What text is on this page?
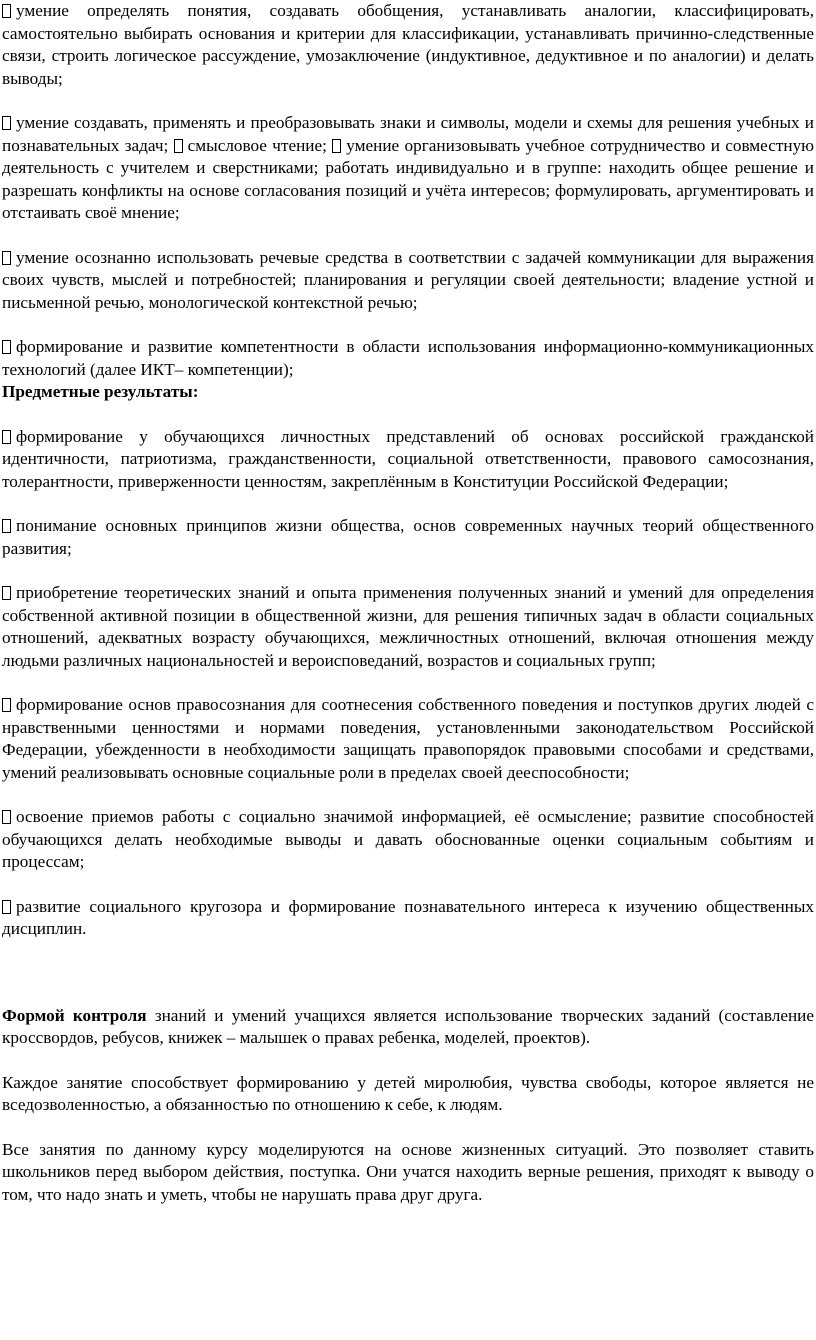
умение определять понятия, создавать обобщения, устанавливать аналогии, классифицировать, самостоятельно выбирать основания и критерии для классификации, устанавливать причинно-следственные связи, строить логическое рассуждение, умозаключение (индуктивное, дедуктивное и по аналогии) и делать выводы;

умение создавать, применять и преобразовывать знаки и символы, модели и схемы для решения учебных и познавательных задач; смысловое чтение; умение организовывать учебное сотрудничество и совместную деятельность с учителем и сверстниками; работать индивидуально и в группе: находить общее решение и разрешать конфликты на основе согласования позиций и учёта интересов; формулировать, аргументировать и отстаивать своё мнение;

умение осознанно использовать речевые средства в соответствии с задачей коммуникации для выражения своих чувств, мыслей и потребностей; планирования и регуляции своей деятельности; владение устной и письменной речью, монологической контекстной речью;

формирование и развитие компетентности в области использования информационно-коммуникационных технологий (далее ИКТ– компетенции);

Предметные результаты:

формирование у обучающихся личностных представлений об основах российской гражданской идентичности, патриотизма, гражданственности, социальной ответственности, правового самосознания, толерантности, приверженности ценностям, закреплённым в Конституции Российской Федерации;

понимание основных принципов жизни общества, основ современных научных теорий общественного развития;

приобретение теоретических знаний и опыта применения полученных знаний и умений для определения собственной активной позиции в общественной жизни, для решения типичных задач в области социальных отношений, адекватных возрасту обучающихся, межличностных отношений, включая отношения между людьми различных национальностей и вероисповеданий, возрастов и социальных групп;

формирование основ правосознания для соотнесения собственного поведения и поступков других людей с нравственными ценностями и нормами поведения, установленными законодательством Российской Федерации, убежденности в необходимости защищать правопорядок правовыми способами и средствами, умений реализовывать основные социальные роли в пределах своей дееспособности;

освоение приемов работы с социально значимой информацией, её осмысление; развитие способностей обучающихся делать необходимые выводы и давать обоснованные оценки социальным событиям и процессам;

развитие социального кругозора и формирование познавательного интереса к изучению общественных дисциплин.

Формой контроля знаний и умений учащихся является использование творческих заданий (составление кроссвордов, ребусов, книжек – малышек о правах ребенка, моделей, проектов).

Каждое занятие способствует формированию у детей миролюбия, чувства свободы, которое является не вседозволенностью, а обязанностью по отношению к себе, к людям.

Все занятия по данному курсу моделируются на основе жизненных ситуаций. Это позволяет ставить школьников перед выбором действия, поступка. Они учатся находить верные решения, приходят к выводу о том, что надо знать и уметь, чтобы не нарушать права друг друга.
